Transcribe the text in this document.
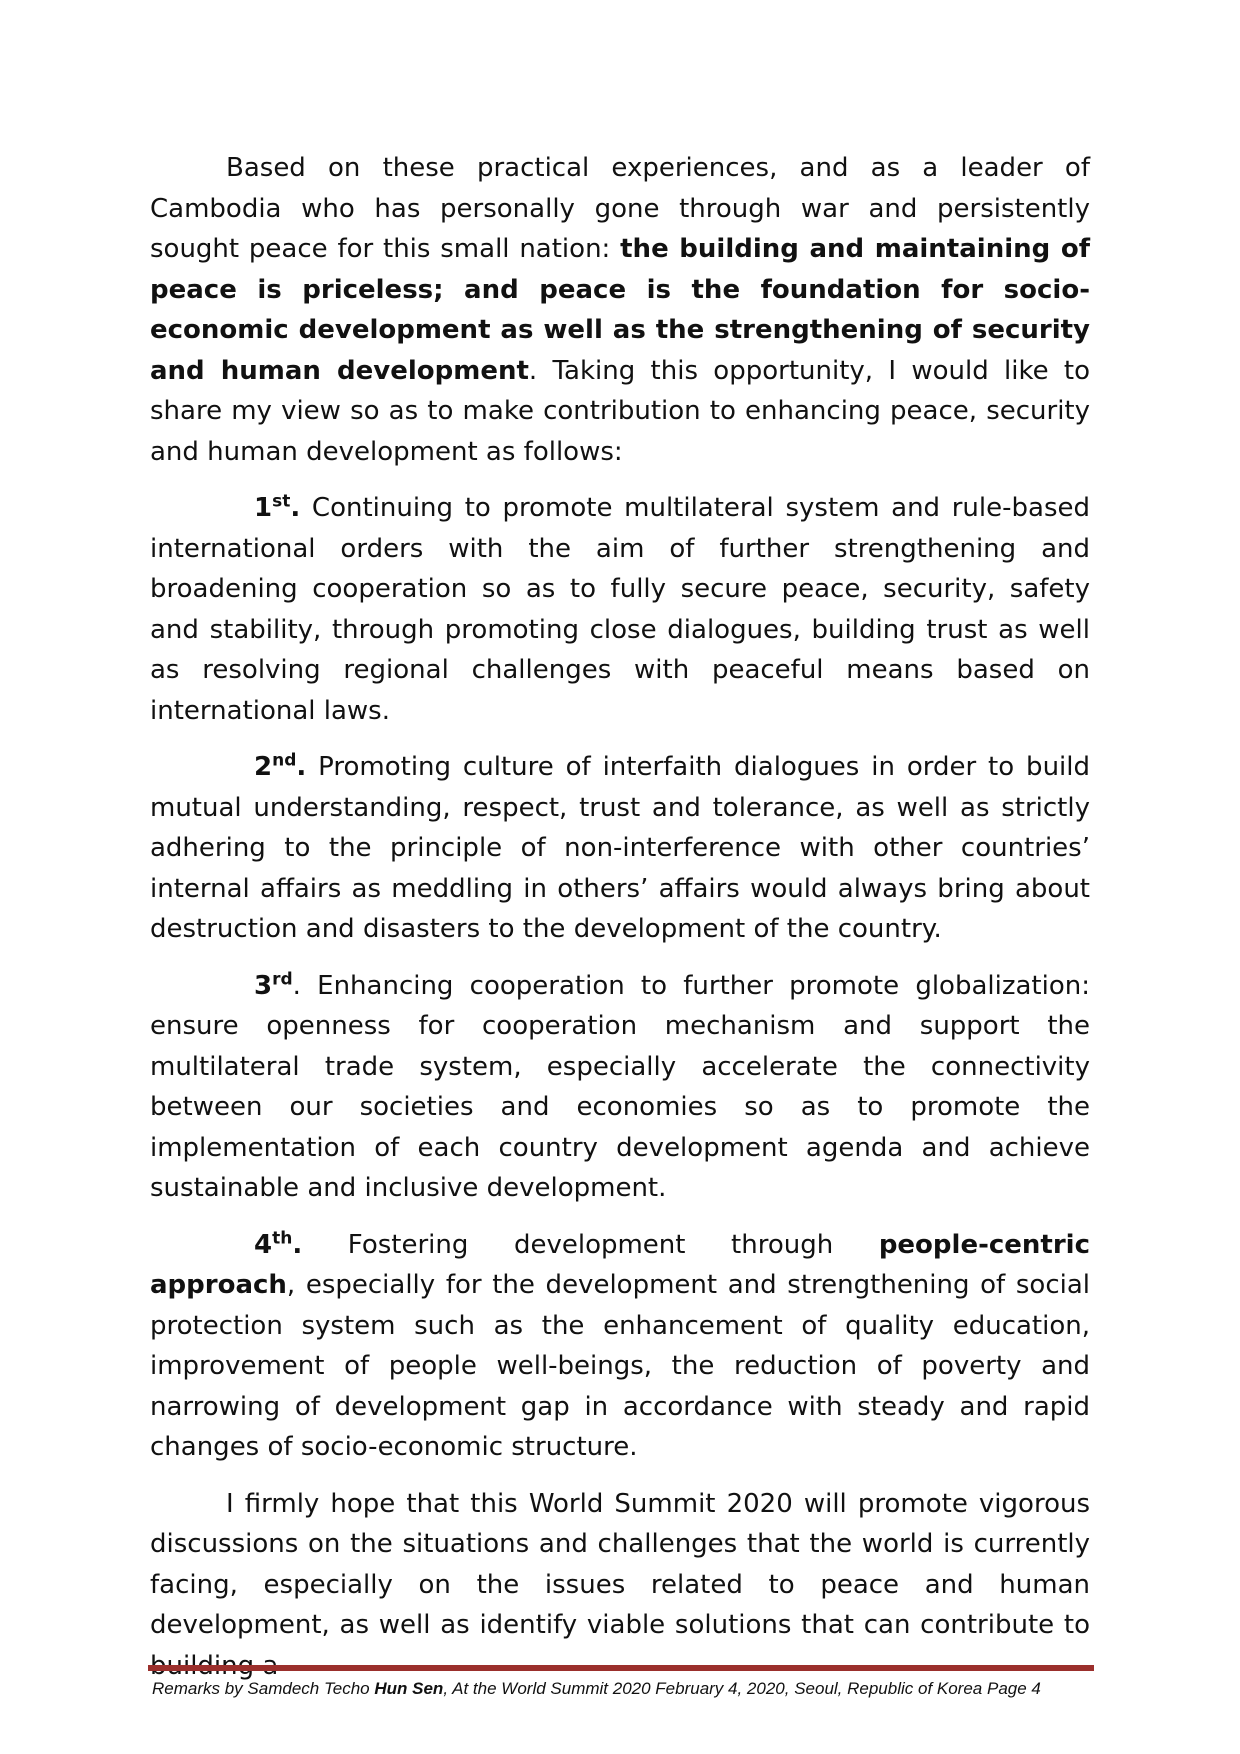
Based on these practical experiences, and as a leader of Cambodia who has personally gone through war and persistently sought peace for this small nation: the building and maintaining of peace is priceless; and peace is the foundation for socio-economic development as well as the strengthening of security and human development. Taking this opportunity, I would like to share my view so as to make contribution to enhancing peace, security and human development as follows:

1st. Continuing to promote multilateral system and rule-based international orders with the aim of further strengthening and broadening cooperation so as to fully secure peace, security, safety and stability, through promoting close dialogues, building trust as well as resolving regional challenges with peaceful means based on international laws.

2nd. Promoting culture of interfaith dialogues in order to build mutual understanding, respect, trust and tolerance, as well as strictly adhering to the principle of non-interference with other countries’ internal affairs as meddling in others’ affairs would always bring about destruction and disasters to the development of the country.

3rd. Enhancing cooperation to further promote globalization: ensure openness for cooperation mechanism and support the multilateral trade system, especially accelerate the connectivity between our societies and economies so as to promote the implementation of each country development agenda and achieve sustainable and inclusive development.

4th. Fostering development through people-centric approach, especially for the development and strengthening of social protection system such as the enhancement of quality education, improvement of people well-beings, the reduction of poverty and narrowing of development gap in accordance with steady and rapid changes of socio-economic structure.

I firmly hope that this World Summit 2020 will promote vigorous discussions on the situations and challenges that the world is currently facing, especially on the issues related to peace and human development, as well as identify viable solutions that can contribute to building a

Remarks by Samdech Techo Hun Sen, At the World Summit 2020 February 4, 2020, Seoul, Republic of Korea Page 4
